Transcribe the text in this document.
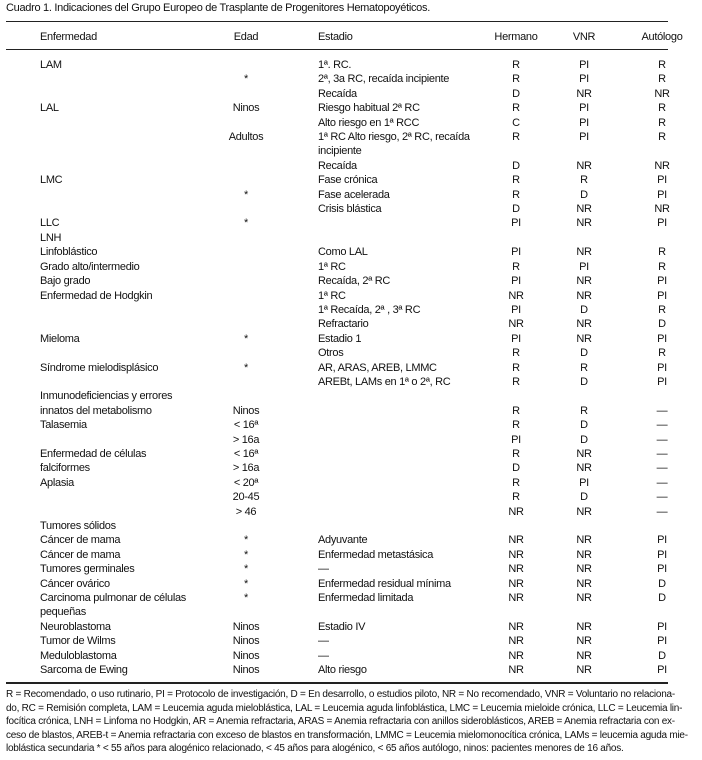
Cuadro 1. Indicaciones del Grupo Europeo de Trasplante de Progenitores Hematopoyéticos.
Enfermedad	Edad	Estadio	Hermano	VNR	Autólogo
LAM		1ª. RC.	R	PI	R
	*	2ª, 3a RC, recaída incipiente	R	PI	R
		Recaída	D	NR	NR
LAL	Ninos	Riesgo habitual 2ª RC	R	PI	R
		Alto riesgo en 1ª RCC	C	PI	R
	Adultos	1ª RC Alto riesgo, 2ª RC, recaída incipiente	R	PI	R
		Recaída	D	NR	NR
LMC		Fase crónica	R	R	PI
	*	Fase acelerada	R	D	PI
		Crisis blástica	D	NR	NR
LLC	*		PI	NR	PI
LNH					
Linfoblástico		Como LAL	PI	NR	R
Grado alto/intermedio		1ª RC	R	PI	R
Bajo grado		Recaída, 2ª RC	PI	NR	PI
Enfermedad de Hodgkin		1ª RC	NR	NR	PI
		1ª Recaída, 2ª , 3ª RC	PI	D	R
		Refractario	NR	NR	D
Mieloma	*	Estadio 1	PI	NR	PI
		Otros	R	D	R
Síndrome mielodisplásico	*	AR, ARAS, AREB, LMMC	R	R	PI
		AREBt, LAMs en 1ª o 2ª, RC	R	D	PI
Inmunodeficiencias y errores					
innatos del metabolismo	Ninos		R	R	—
Talasemia	< 16ª		R	D	—
	> 16a		PI	D	—
Enfermedad de células	< 16ª		R	NR	—
falciformes	> 16a		D	NR	—
Aplasia	< 20ª		R	PI	—
	20-45		R	D	—
	> 46		NR	NR	—
Tumores sólidos					
Cáncer de mama	*	Adyuvante	NR	NR	PI
Cáncer de mama	*	Enfermedad metastásica	NR	NR	PI
Tumores germinales	*	—	NR	NR	PI
Cáncer ovárico	*	Enfermedad residual mínima	NR	NR	D
Carcinoma pulmonar de células pequeñas	*	Enfermedad limitada	NR	NR	D
Neuroblastoma	Ninos	Estadio IV	NR	NR	PI
Tumor de Wilms	Ninos	—	NR	NR	PI
Meduloblastoma	Ninos	—	NR	NR	D
Sarcoma de Ewing	Ninos	Alto riesgo	NR	NR	PI
R = Recomendado, o uso rutinario, PI = Protocolo de investigación, D = En desarrollo, o estudios piloto, NR = No recomendado, VNR = Voluntario no relaciona-
do, RC = Remisión completa, LAM = Leucemia aguda mieloblástica, LAL = Leucemia aguda linfoblástica, LMC = Leucemia mieloide crónica, LLC = Leucemia lin-
focítica crónica, LNH = Linfoma no Hodgkin, AR = Anemia refractaria, ARAS = Anemia refractaria con anillos sideroblásticos, AREB = Anemia refractaria con ex-
ceso de blastos, AREB-t = Anemia refractaria con exceso de blastos en transformación, LMMC = Leucemia mielomonocítica crónica, LAMs = leucemia aguda mie-
loblástica secundaria * < 55 años para alogénico relacionado, < 45 años para alogénico, < 65 años autólogo, ninos: pacientes menores de 16 años.
